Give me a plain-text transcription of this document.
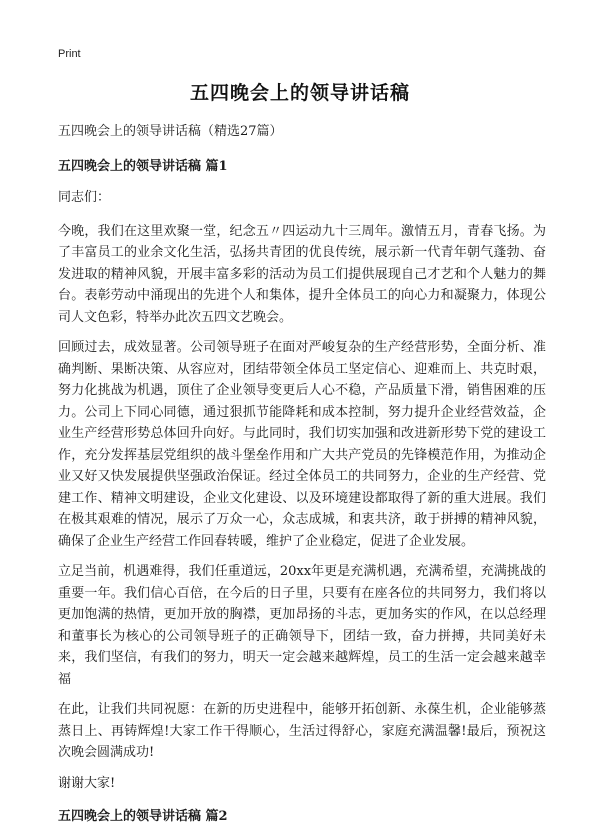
Print
五四晚会上的领导讲话稿

五四晚会上的领导讲话稿（精选27篇）

五四晚会上的领导讲话稿 篇1

同志们：

今晚，我们在这里欢聚一堂，纪念五〃四运动九十三周年。激情五月，青春飞扬。为了丰富员工的业余文化生活，弘扬共青团的优良传统，展示新一代青年朝气蓬勃、奋发进取的精神风貌，开展丰富多彩的活动为员工们提供展现自己才艺和个人魅力的舞台。表彰劳动中涌现出的先进个人和集体，提升全体员工的向心力和凝聚力，体现公司人文色彩，特举办此次五四文艺晚会。

回顾过去，成效显著。公司领导班子在面对严峻复杂的生产经营形势，全面分析、准确判断、果断决策、从容应对，团结带领全体员工坚定信心、迎难而上、共克时艰，努力化挑战为机遇，顶住了企业领导变更后人心不稳，产品质量下滑，销售困难的压力。公司上下同心同德，通过狠抓节能降耗和成本控制，努力提升企业经营效益，企业生产经营形势总体回升向好。与此同时，我们切实加强和改进新形势下党的建设工作，充分发挥基层党组织的战斗堡垒作用和广大共产党员的先锋模范作用，为推动企业又好又快发展提供坚强政治保证。经过全体员工的共同努力，企业的生产经营、党建工作、精神文明建设，企业文化建设、以及环境建设都取得了新的重大进展。我们在极其艰难的情况，展示了万众一心，众志成城，和衷共济，敢于拼搏的精神风貌，确保了企业生产经营工作回春转暖，维护了企业稳定，促进了企业发展。

立足当前，机遇难得，我们任重道远，20xx年更是充满机遇，充满希望，充满挑战的重要一年。我们信心百倍，在今后的日子里，只要有在座各位的共同努力，我们将以更加饱满的热情，更加开放的胸襟，更加昂扬的斗志，更加务实的作风，在以总经理和董事长为核心的公司领导班子的正确领导下，团结一致，奋力拼搏，共同美好未来，我们坚信，有我们的努力，明天一定会越来越辉煌，员工的生活一定会越来越幸福

在此，让我们共同祝愿：在新的历史进程中，能够开拓创新、永葆生机，企业能够蒸蒸日上、再铸辉煌!大家工作干得顺心，生活过得舒心，家庭充满温馨!最后，预祝这次晚会圆满成功!

谢谢大家!

五四晚会上的领导讲话稿 篇2
